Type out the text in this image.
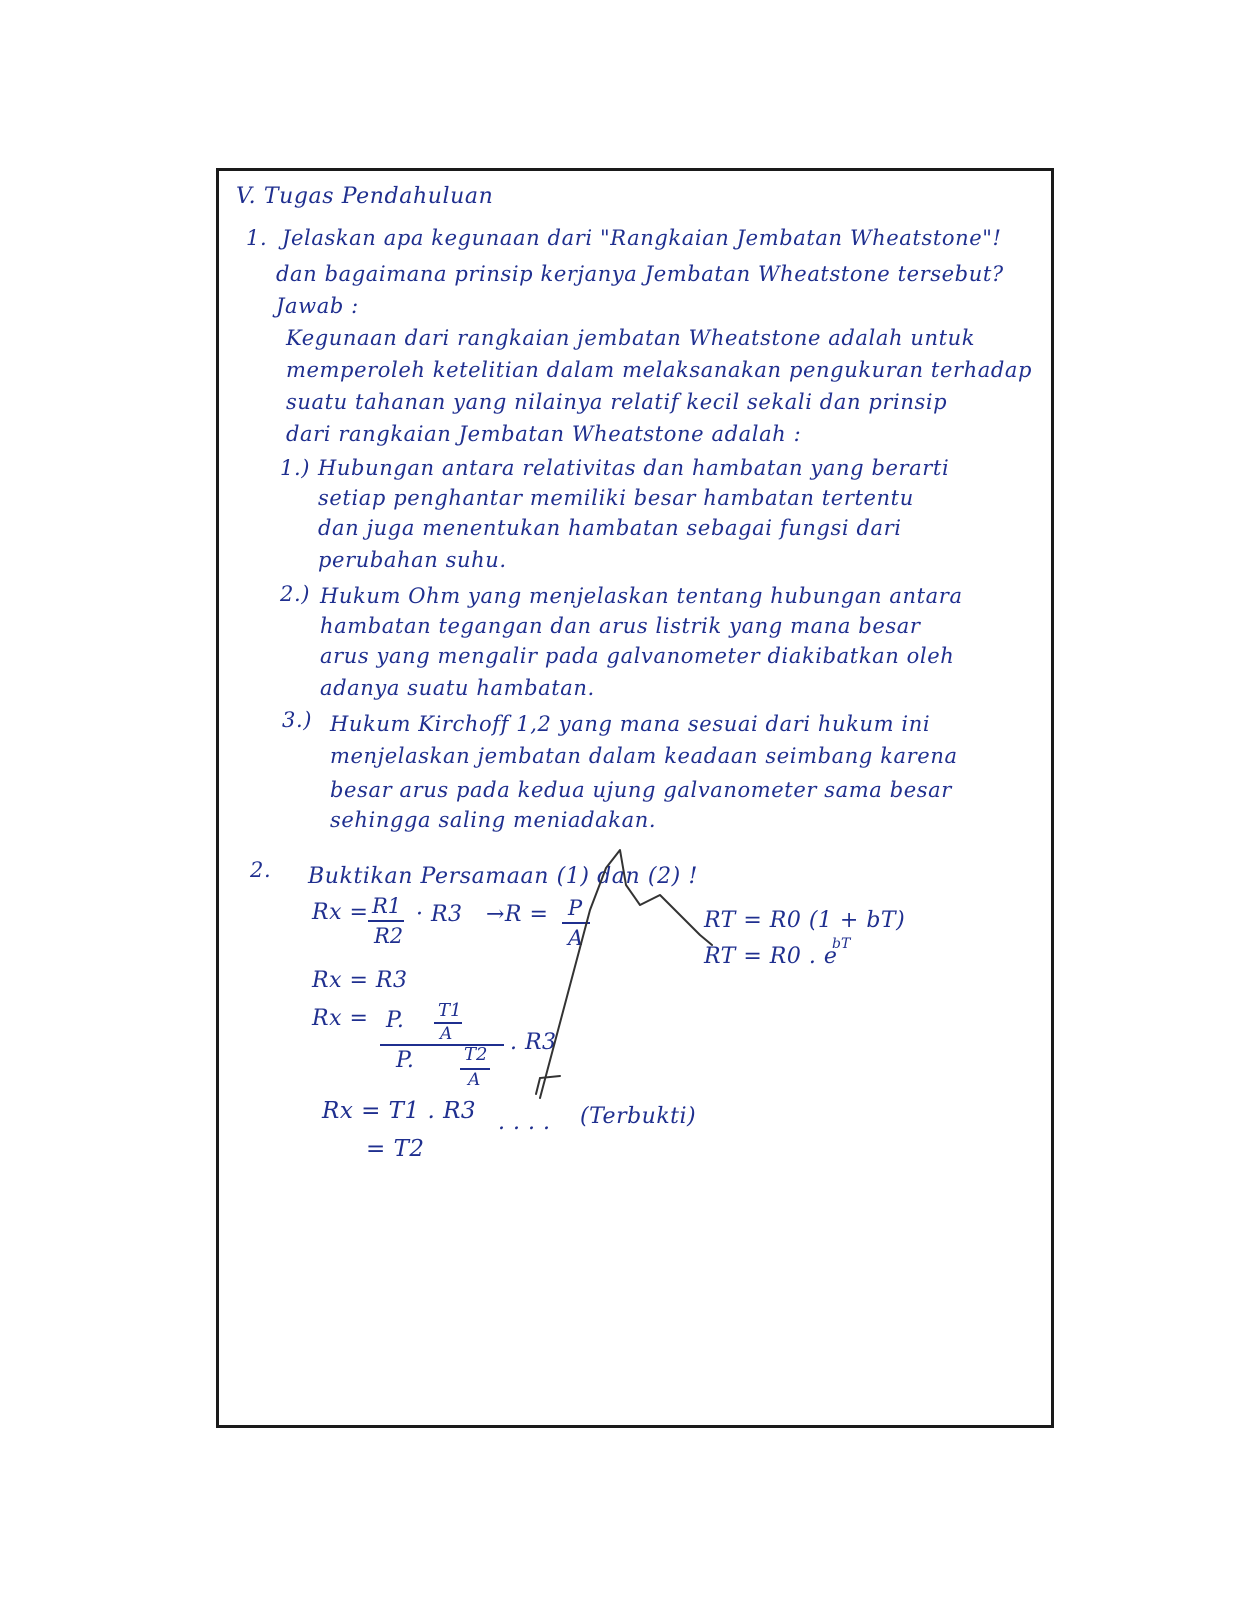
V. Tugas Pendahuluan
1. Jelaskan apa kegunaan dari "Rangkaian Jembatan Wheatstone"!
dan bagaimana prinsip kerjanya Jembatan Wheatstone tersebut?
Jawab :
Kegunaan dari rangkaian jembatan Wheatstone adalah untuk
memperoleh ketelitian dalam melaksanakan pengukuran terhadap
suatu tahanan yang nilainya relatif kecil sekali dan prinsip
dari rangkaian Jembatan Wheatstone adalah :
1.) Hubungan antara relativitas dan hambatan yang berarti
setiap penghantar memiliki besar hambatan tertentu
dan juga menentukan hambatan sebagai fungsi dari
perubahan suhu.
2.) Hukum Ohm yang menjelaskan tentang hubungan antara
hambatan tegangan dan arus listrik yang mana besar
arus yang mengalir pada galvanometer diakibatkan oleh
adanya suatu hambatan.
3.) Hukum Kirchoff 1,2 yang mana sesuai dari hukum ini
menjelaskan jembatan dalam keadaan seimbang karena
besar arus pada kedua ujung galvanometer sama besar
sehingga saling meniadakan.
2. Buktikan Persamaan (1) dan (2) !
Rx = R1
R2
· R3 →R = P
A
RT = R0 (1 + bT)
RT = R0 . e
bT
Rx = R3
Rx = P. T1
A
P.	T2
A
. R3
Rx = T1 . R3 . . . . (Terbukti)
= T2
